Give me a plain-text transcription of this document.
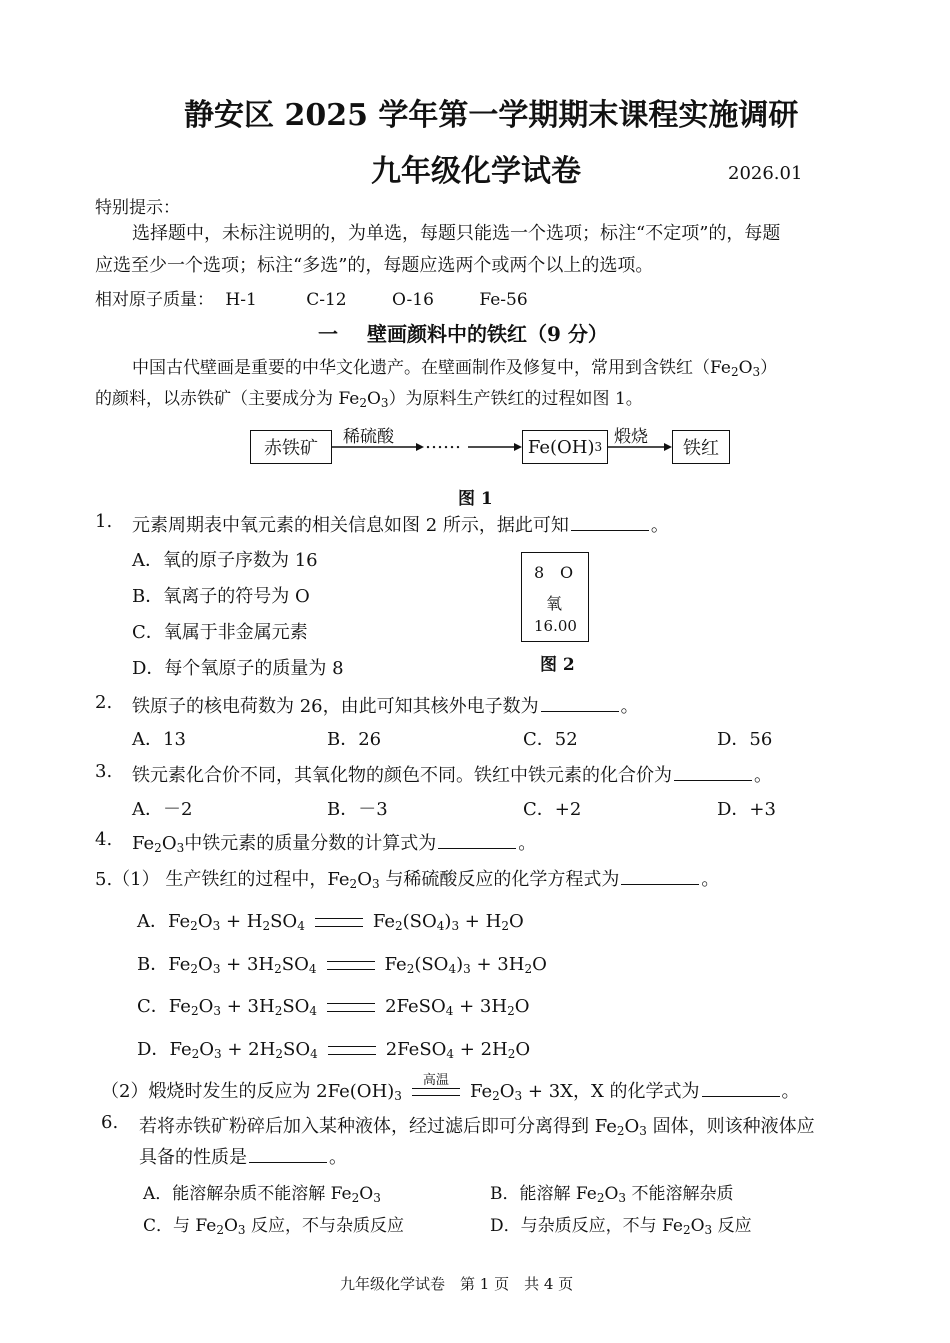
静安区 2025 学年第一学期期末课程实施调研
九年级化学试卷	2026.01
特别提示：
选择题中，未标注说明的，为单选，每题只能选一个选项；标注“不定项”的，每题
应选至少一个选项；标注“多选”的，每题应选两个或两个以上的选项。
相对原子质量： H-1	C-12	O-16	Fe-56
一 壁画颜料中的铁红（9 分）
中国古代壁画是重要的中华文化遗产。在壁画制作及修复中，常用到含铁红$(Fe_2O_3)$
的颜料，以赤铁矿（主要成分为 $Fe_2O_3$）为原料生产铁红的过程如图 1。
赤铁矿
稀硫酸 ……	Fe(OH) 3 煅烧
铁红
图 1
1. 元素周期表中氧元素的相关信息如图 2 所示，据此可知	。
A．氧的原子序数为 16
B．氧离子的符号为 O
C．氧属于非金属元素
D．每个氧原子的质量为 8
8 O
氧
16.00
图 2
2. 铁原子的核电荷数为 26，由此可知其核外电子数为	。
A．13	B．26	C．52	D．56
3. 铁元素化合价不同，其氧化物的颜色不同。铁红中铁元素的化合价为	。
A．－2	B．－3	C．+2	D．+3
4. $Fe_2O_3$中铁元素的质量分数的计算式为	。
5.（1） 生产铁红的过程中，$Fe_2O_3$ 与稀硫酸反应的化学方程式为	。
A．$Fe_2O_3 + H_2SO_4$	$Fe_2(SO_4)_3 + H_2O$
B．$Fe_2O_3 + 3H_2SO_4$	$Fe_2(SO_4)_3 + 3H_2O$
C．$Fe_2O_3 + 3H_2SO_4$	2FeSO$_4$ + $3H_2O$
D．$Fe_2O_3 + 2H_2SO_4$	2FeSO$_4$ + $2H_2O$
（2）煅烧时发生的反应为 $2Fe(OH)_3$
高温
$Fe_2O_3 + 3X$，X 的化学式为	。
6. 若将赤铁矿粉碎后加入某种液体，经过滤后即可分离得到 $Fe_2O_3$ 固体，则该种液体应
具备的性质是	。
A．能溶解杂质不能溶解 $Fe_2O_3$	B．能溶解 $Fe_2O_3$ 不能溶解杂质
C．与 $Fe_2O_3$ 反应，不与杂质反应	D．与杂质反应，不与 $Fe_2O_3$ 反应
九年级化学试卷　第 1 页　共 4 页
